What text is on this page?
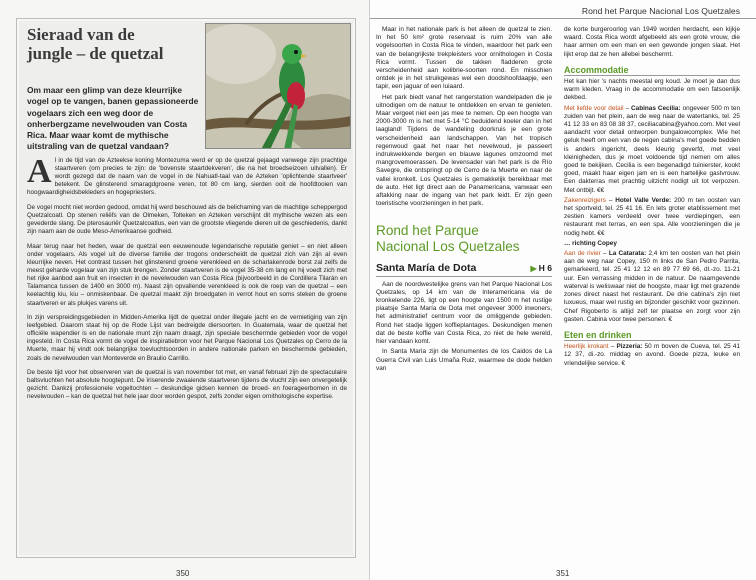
Sieraad van de
jungle – de quetzal

Om maar een glimp van deze kleurrijke vogel op te vangen, banen gepassioneerde vogelaars zich een weg door de onherbergzame nevelwouden van Costa Rica. Maar waar komt de mythische uitstraling van de quetzal vandaan?

A l in de tijd van de Azteekse koning Montezuma werd er op de quetzal gejaagd vanwege zijn prachtige staartveren (om precies te zijn: de 'bovenste staartdekveren', die na het broedseizoen uitvallen). Er wordt gezegd dat de naam van de vogel in de Nahuatl-taal van de Azteken 'oplichtende staartveer' betekent. De glinsterend smaragdgroene veren, tot 80 cm lang, sierden ooit de hoofdtooien van hoogwaardigheidsbekleders en hogepriesters.

De vogel mocht niet worden gedood, omdat hij werd beschouwd als de belichaming van de machtige scheppergod Quetzalcoatl. Op stenen reliëfs van de Olmeken, Tolteken en Azteken verschijnt dit mythische wezen als een gevederde slang. De pterosauriër Quetzalcoatlus, een van de grootste vliegende dieren uit de geschiedenis, dankt zijn naam aan de oude Meso-Amerikaanse godheid.

Maar terug naar het heden, waar de quetzal een eeuwenoude legendarische reputatie geniet – en niet alleen onder vogelaars. Als vogel uit de diverse familie der trogons onderscheidt de quetzal zich van zijn al even kleurrijke neven. Het contrast tussen het glinsterend groene verenkleed en de scharlakenrode borst zal zelfs de meest geharde vogelaar van zijn stuk brengen. Zonder staartveren is de vogel 35-38 cm lang en hij voedt zich met het rijke aanbod aan fruit en insecten in de nevelwouden van Costa Rica (bijvoorbeeld in de Cordillera Tilarán en Talamanca tussen de 1400 en 3000 m). Naast zijn opvallende verenkleed is ook de roep van de quetzal – een keelachtig kiu, kiu – onmiskenbaar. De quetzal maakt zijn broedgaten in verrot hout en soms steken de groene staartveren er als plukjes varens uit.

In zijn verspreidingsgebieden in Midden-Amerika lijdt de quetzal onder illegale jacht en de vernietiging van zijn leefgebied. Daarom staat hij op de Rode Lijst van bedreigde diersoorten. In Guatemala, waar de quetzal het officiële wapendier is en de nationale munt zijn naam draagt, zijn speciale beschermde gebieden voor de vogel ingesteld. In Costa Rica vormt de vogel de inspiratiebron voor het Parque Nacional Los Quetzales op Cerro de la Muerte, maar hij vindt ook belangrijke toevluchtsoorden in andere nationale parken en beschermde gebieden, zoals de nevelwouden van Monteverde en Braulio Carrillo.

De beste tijd voor het observeren van de quetzal is van november tot met, en vanaf februari zijn de spectaculaire baltsvluchten het absolute hoogtepunt. De ïriserende zwaaiende staartveren tijdens de vlucht zijn een onvergetelijk gezicht. Dankzij professionele vogeltochten – deskundige gidsen kennen de broed- en foerageerbomen in de nevelwouden – kan de quetzal het hele jaar door worden gespot, zelfs zonder eigen ornithologische expertise.

350
Rond het Parque Nacional Los Quetzales

Maar in het nationale park is het alleen de quetzal te zien. In het 50 km² grote reservaat is ruim 20% van alle vogelsoorten in Costa Rica te vinden, waardoor het park een van de belangrijkste trekpleisters voor ornithologen in Costa Rica vormt. Tussen de takken fladderen grote verscheidenheid aan kolibrie-soorten rond. En misschien ontdek je in het struikgewas wel een doodshoofdaapje, een tapir, een jaguar of een luiaard.

Het park biedt vanaf het rangerstation wandelpaden die je uitnodigen om de natuur te ontdekken en ervan te genieten. Maar vergeet niet een jas mee te nemen. Op een hoogte van 2000-3000 m is het met 5-14 °C beduidend koeler dan in het laagland! Tijdens de wandeling doorkruis je een grote verscheidenheid aan landschappen. Van het tropisch regenwoud gaat het naar het nevelwoud, je passeert indrukwekkende bergen en blauwe lagunes omzoomd met mangrovemoerassen. De levensader van het park is de Río Savegre, die ontspringt op de Cerro de la Muerte en naar de vallei kronkelt. Los Quetzales is gemakkelijk bereikbaar met de auto. Het ligt direct aan de Panamericana, vanwaar een aftakking naar de ingang van het park leidt. Er zijn geen toeristische voorzieningen in het park.

Rond het Parque
Nacional Los Quetzales
Santa María de Dota	▶ H 6

Aan de noordwestelijke grens van het Parque Nacional Los Quetzales, op 14 km van de Interamericana via de kronkelende 226, ligt op een hoogte van 1500 m het rustige plaatsje Santa María de Dota met ongeveer 3000 inwoners, het administratief centrum voor de omliggende gebieden. Rond het stadje liggen koffieplantages. Deskundigen menen dat de beste koffie van Costa Rica, zo niet de hele wereld, hier vandaan komt.

In Santa María zijn de Monumentes de los Caidos de La Guerra Civil van Luis Umaña Ruiz, waarmee de dode helden van

de korte burgeroorlog van 1949 worden herdacht, een kijkje waard. Costa Rica wordt afgebeeld als een grote vrouw, die haar armen om een man en een gewonde jongen slaat. Het lijkt erop dat ze hen allebei beschermt.

Accommodatie

Het kan hier 's nachts meestal erg koud. Je moet je dan dus warm kleden. Vraag in de accommodatie om een fatsoenlijk dekbed.

Met liefde voor detail – Cabinas Cecilia: ongeveer 500 m ten zuiden van het plein, aan de weg naar de watertanks, tel. 25 41 12 33 en 83 08 38 37, ceciliacabina@yahoo.com. Met veel aandacht voor detail ontworpen bungalowcomplex. Wie het geluk heeft om een van de negen cabina's met goede bedden is anders ingericht, deels kleurig geverfd, met veel kleinigheden, dus je moet voldoende tijd nemen om alles goed te bekijken. Cecilia is een begenadigd tuinierster, kookt goed, maakt haar eigen jam en is een hartelijke gastvrouw. Een dakterras met prachtig uitzicht nodigt uit tot verpozen. Met ontbijt. €€

Zakenreizigers – Hotel Valle Verde: 200 m ten oosten van het sportveld, tel. 25 41 16. En lets groter etablissement met zestien kamers verdeeld over twee verdiepingen, een restaurant met terras, en een spa. Alle voorzieningen die je nodig hebt. €€

… richting Copey

Aan de rivier – La Catarata: 2,4 km ten oosten van het plein aan de weg naar Copey, 150 m links de San Pedro Parrita, gemarkeerd, tel. 25 41 12 12 en 89 77 69 66, dl.-zo. 11-21 uur. Een verrassing midden in de natuur. De naamgevende waterval is weliswaar niet de hoogste, maar ligt met grazende zones direct naast het restaurant. De drie cabina's zijn niet luxueus, maar wel rustig en bijzonder geschikt voor gezinnen. Chef Rigoberto is altijd zelf ter plaatse en zorgt voor zijn gasten. Cabina voor twee personen. €

Eten en drinken

Heerlijk krokant – Pizzeria: 50 m boven de Cueva, tel. 25 41 12 37, di.-zo. middag en avond. Goede pizza, leuke en vriendelijke service. €

351
